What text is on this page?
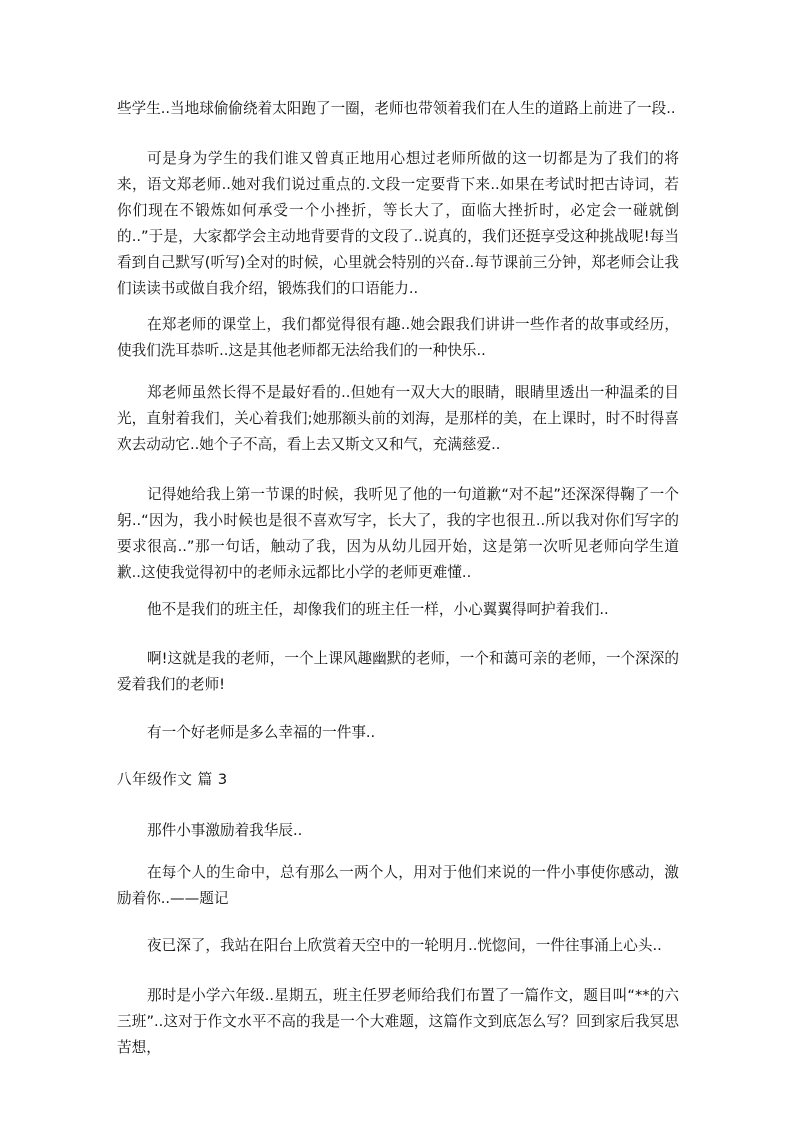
些学生..当地球偷偷绕着太阳跑了一圈，老师也带领着我们在人生的道路上前进了一段..

可是身为学生的我们谁又曾真正地用心想过老师所做的这一切都是为了我们的将来，语文郑老师..她对我们说过重点的.文段一定要背下来..如果在考试时把古诗词，若你们现在不锻炼如何承受一个小挫折，等长大了，面临大挫折时，必定会一碰就倒的..”于是，大家都学会主动地背要背的文段了..说真的，我们还挺享受这种挑战呢!每当看到自己默写(听写)全对的时候，心里就会特别的兴奋..每节课前三分钟，郑老师会让我们读读书或做自我介绍，锻炼我们的口语能力..

在郑老师的课堂上，我们都觉得很有趣..她会跟我们讲讲一些作者的故事或经历，使我们洗耳恭听..这是其他老师都无法给我们的一种快乐..

郑老师虽然长得不是最好看的..但她有一双大大的眼睛，眼睛里透出一种温柔的目光，直射着我们，关心着我们;她那额头前的刘海，是那样的美，在上课时，时不时得喜欢去动动它..她个子不高，看上去又斯文又和气，充满慈爱..

记得她给我上第一节课的时候，我听见了他的一句道歉“对不起”还深深得鞠了一个躬..“因为，我小时候也是很不喜欢写字，长大了，我的字也很丑..所以我对你们写字的要求很高..”那一句话，触动了我，因为从幼儿园开始，这是第一次听见老师向学生道歉..这使我觉得初中的老师永远都比小学的老师更难懂..

他不是我们的班主任，却像我们的班主任一样，小心翼翼得呵护着我们..

啊!这就是我的老师，一个上课风趣幽默的老师，一个和蔼可亲的老师，一个深深的爱着我们的老师!

有一个好老师是多么幸福的一件事..

八年级作文 篇 3

那件小事激励着我华辰..

在每个人的生命中，总有那么一两个人，用对于他们来说的一件小事使你感动，激励着你..——题记

夜已深了，我站在阳台上欣赏着天空中的一轮明月..恍惚间，一件往事涌上心头..

那时是小学六年级..星期五，班主任罗老师给我们布置了一篇作文，题目叫“**的六三班”..这对于作文水平不高的我是一个大难题，这篇作文到底怎么写？回到家后我冥思苦想，
